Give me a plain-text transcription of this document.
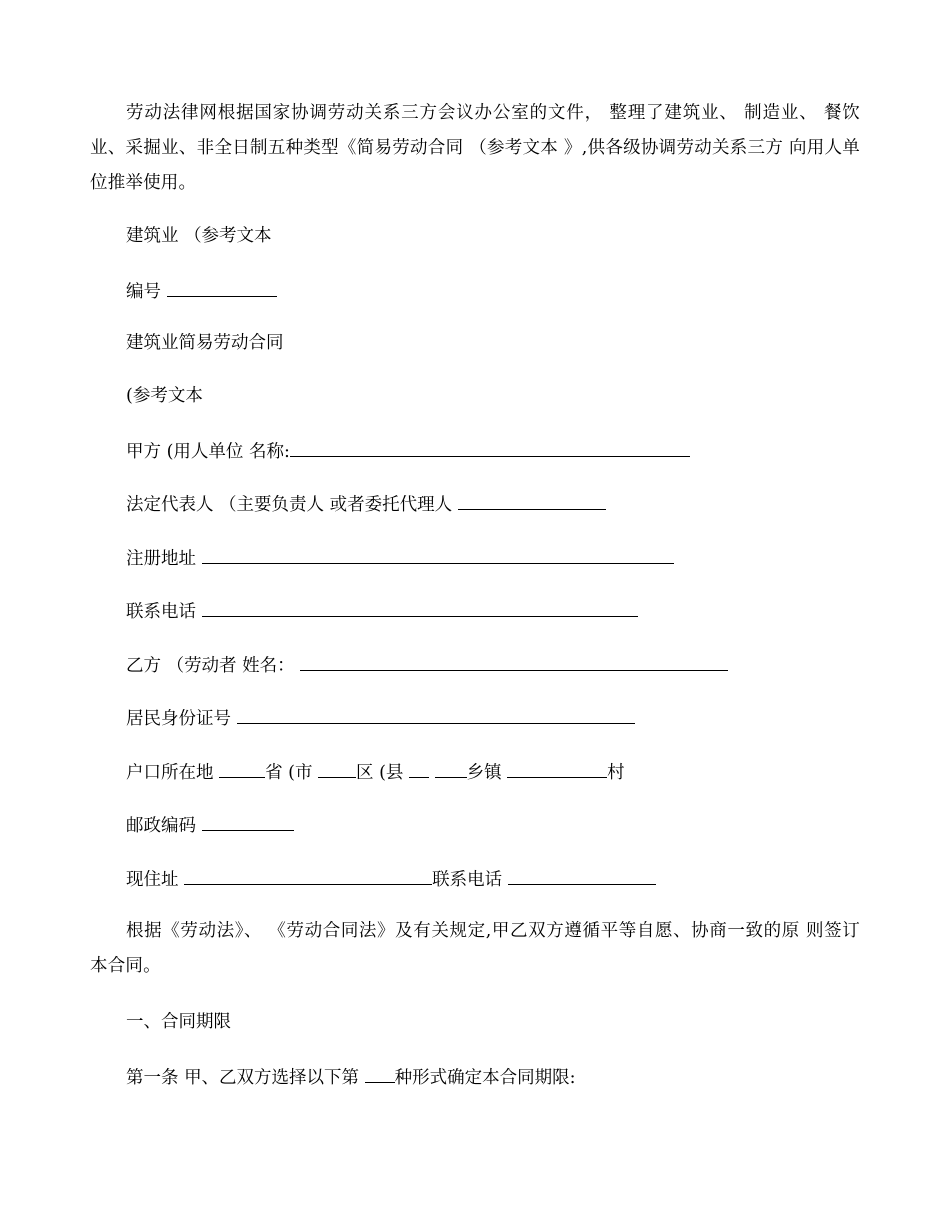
劳动法律网根据国家协调劳动关系三方会议办公室的文件， 整理了建筑业、 制造业、 餐饮业、采掘业、非全日制五种类型《简易劳动合同 （参考文本 》,供各级协调劳动关系三方 向用人单位推举使用。

建筑业 （参考文本

编号

建筑业简易劳动合同

(参考文本

甲方 (用人单位 名称:

法定代表人 （主要负责人 或者委托代理人

注册地址

联系电话

乙方 （劳动者 姓名：

居民身份证号

户口所在地	省 (市 区 (县	乡镇	村

邮政编码

现住址	联系电话

根据《劳动法》、 《劳动合同法》及有关规定,甲乙双方遵循平等自愿、协商一致的原 则签订本合同。

一、合同期限

第一条 甲、乙双方选择以下第 种形式确定本合同期限:
